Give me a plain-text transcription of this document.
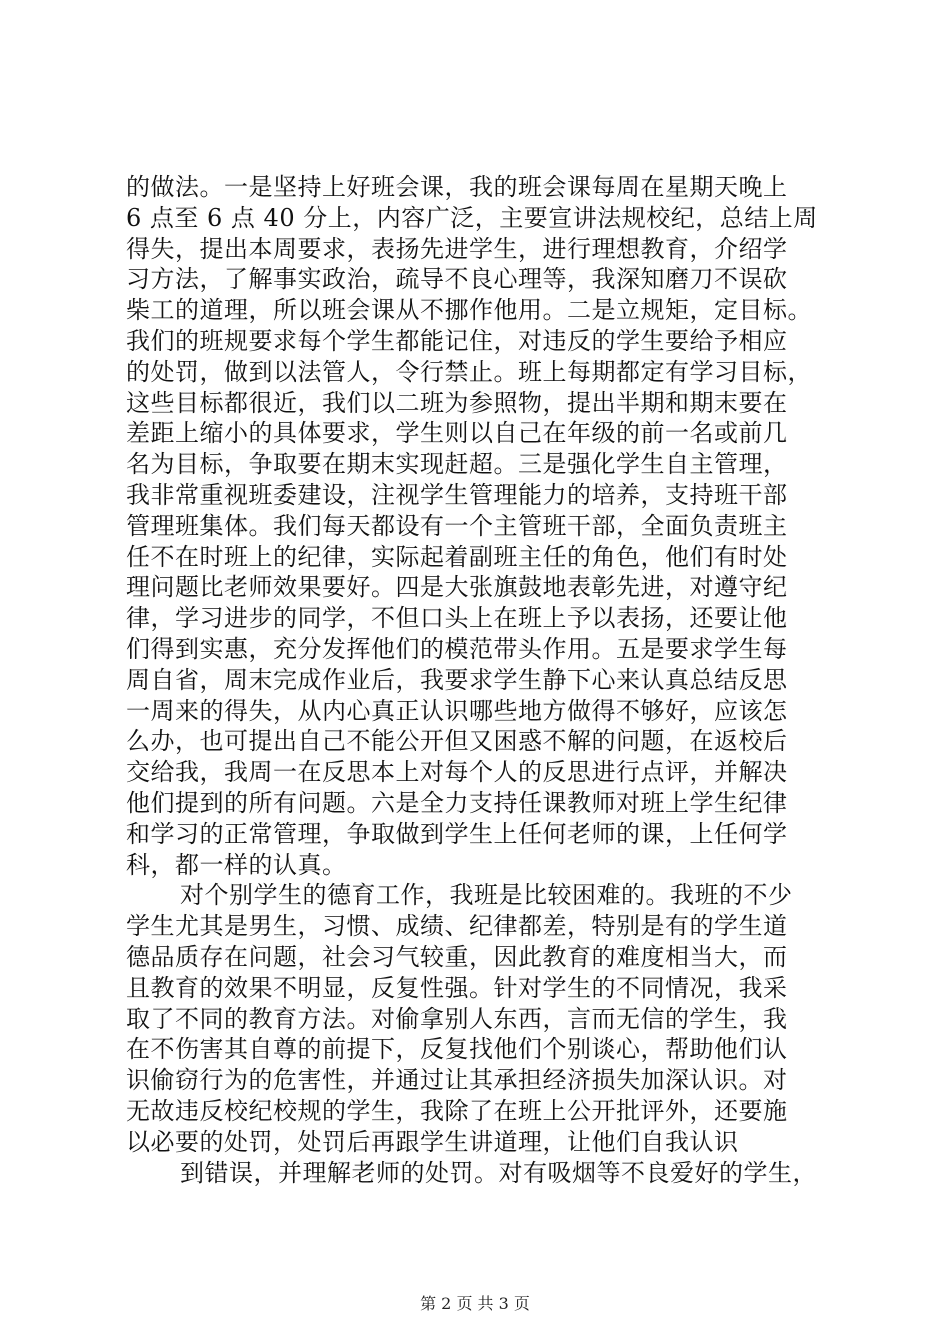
的做法。一是坚持上好班会课，我的班会课每周在星期天晚上
6 点至 6 点 40 分上，内容广泛，主要宣讲法规校纪，总结上周
得失，提出本周要求，表扬先进学生，进行理想教育，介绍学
习方法，了解事实政治，疏导不良心理等，我深知磨刀不误砍
柴工的道理，所以班会课从不挪作他用。二是立规矩，定目标。
我们的班规要求每个学生都能记住，对违反的学生要给予相应
的处罚，做到以法管人，令行禁止。班上每期都定有学习目标，
这些目标都很近，我们以二班为参照物，提出半期和期末要在
差距上缩小的具体要求，学生则以自己在年级的前一名或前几
名为目标，争取要在期末实现赶超。三是强化学生自主管理，
我非常重视班委建设，注视学生管理能力的培养，支持班干部
管理班集体。我们每天都设有一个主管班干部，全面负责班主
任不在时班上的纪律，实际起着副班主任的角色，他们有时处
理问题比老师效果要好。四是大张旗鼓地表彰先进，对遵守纪
律，学习进步的同学，不但口头上在班上予以表扬，还要让他
们得到实惠，充分发挥他们的模范带头作用。五是要求学生每
周自省，周末完成作业后，我要求学生静下心来认真总结反思
一周来的得失，从内心真正认识哪些地方做得不够好，应该怎
么办，也可提出自己不能公开但又困惑不解的问题，在返校后
交给我，我周一在反思本上对每个人的反思进行点评，并解决
他们提到的所有问题。六是全力支持任课教师对班上学生纪律
和学习的正常管理，争取做到学生上任何老师的课，上任何学
科，都一样的认真。
对个别学生的德育工作，我班是比较困难的。我班的不少
学生尤其是男生，习惯、成绩、纪律都差，特别是有的学生道
德品质存在问题，社会习气较重，因此教育的难度相当大，而
且教育的效果不明显，反复性强。针对学生的不同情况，我采
取了不同的教育方法。对偷拿别人东西，言而无信的学生，我
在不伤害其自尊的前提下，反复找他们个别谈心，帮助他们认
识偷窃行为的危害性，并通过让其承担经济损失加深认识。对
无故违反校纪校规的学生，我除了在班上公开批评外，还要施
以必要的处罚，处罚后再跟学生讲道理，让他们自我认识
到错误，并理解老师的处罚。对有吸烟等不良爱好的学生，
第 2 页 共 3 页
